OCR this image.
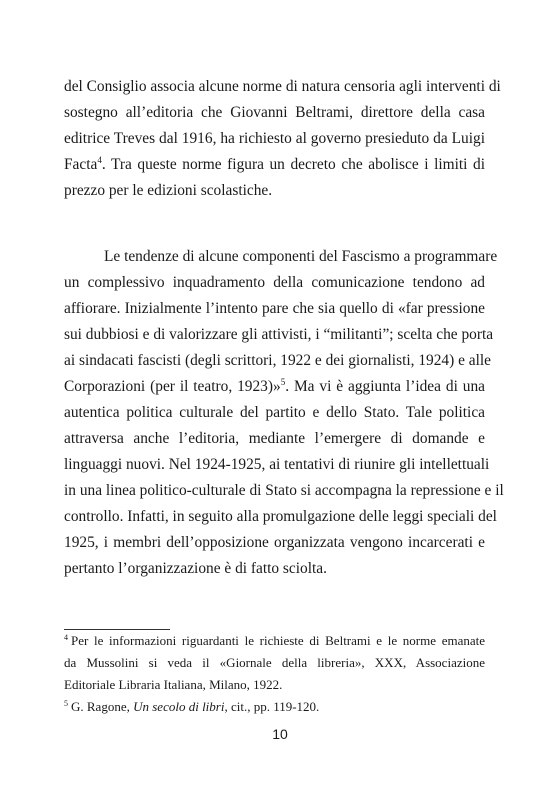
del Consiglio associa alcune norme di natura censoria agli interventi di
sostegno all’editoria che Giovanni Beltrami, direttore della casa
editrice Treves dal 1916, ha richiesto al governo presieduto da Luigi
Facta$^4$. Tra queste norme figura un decreto che abolisce i limiti di
prezzo per le edizioni scolastiche.
Le tendenze di alcune componenti del Fascismo a programmare
un complessivo inquadramento della comunicazione tendono ad
affiorare. Inizialmente l’intento pare che sia quello di «far pressione
sui dubbiosi e di valorizzare gli attivisti, i “militanti”; scelta che porta
ai sindacati fascisti (degli scrittori, 1922 e dei giornalisti, 1924) e alle
Corporazioni (per il teatro, 1923)»$^5$. Ma vi è aggiunta l’idea di una
autentica politica culturale del partito e dello Stato. Tale politica
attraversa anche l’editoria, mediante l’emergere di domande e
linguaggi nuovi. Nel 1924-1925, ai tentativi di riunire gli intellettuali
in una linea politico-culturale di Stato si accompagna la repressione e il
controllo. Infatti, in seguito alla promulgazione delle leggi speciali del
1925, i membri dell’opposizione organizzata vengono incarcerati e
pertanto l’organizzazione è di fatto sciolta.
$^4$ Per le informazioni riguardanti le richieste di Beltrami e le norme emanate
da Mussolini si veda il «Giornale della libreria», XXX, Associazione
Editoriale Libraria Italiana, Milano, 1922.
$^5$ G. Ragone, Un secolo di libri, cit., pp. 119-120.
10
